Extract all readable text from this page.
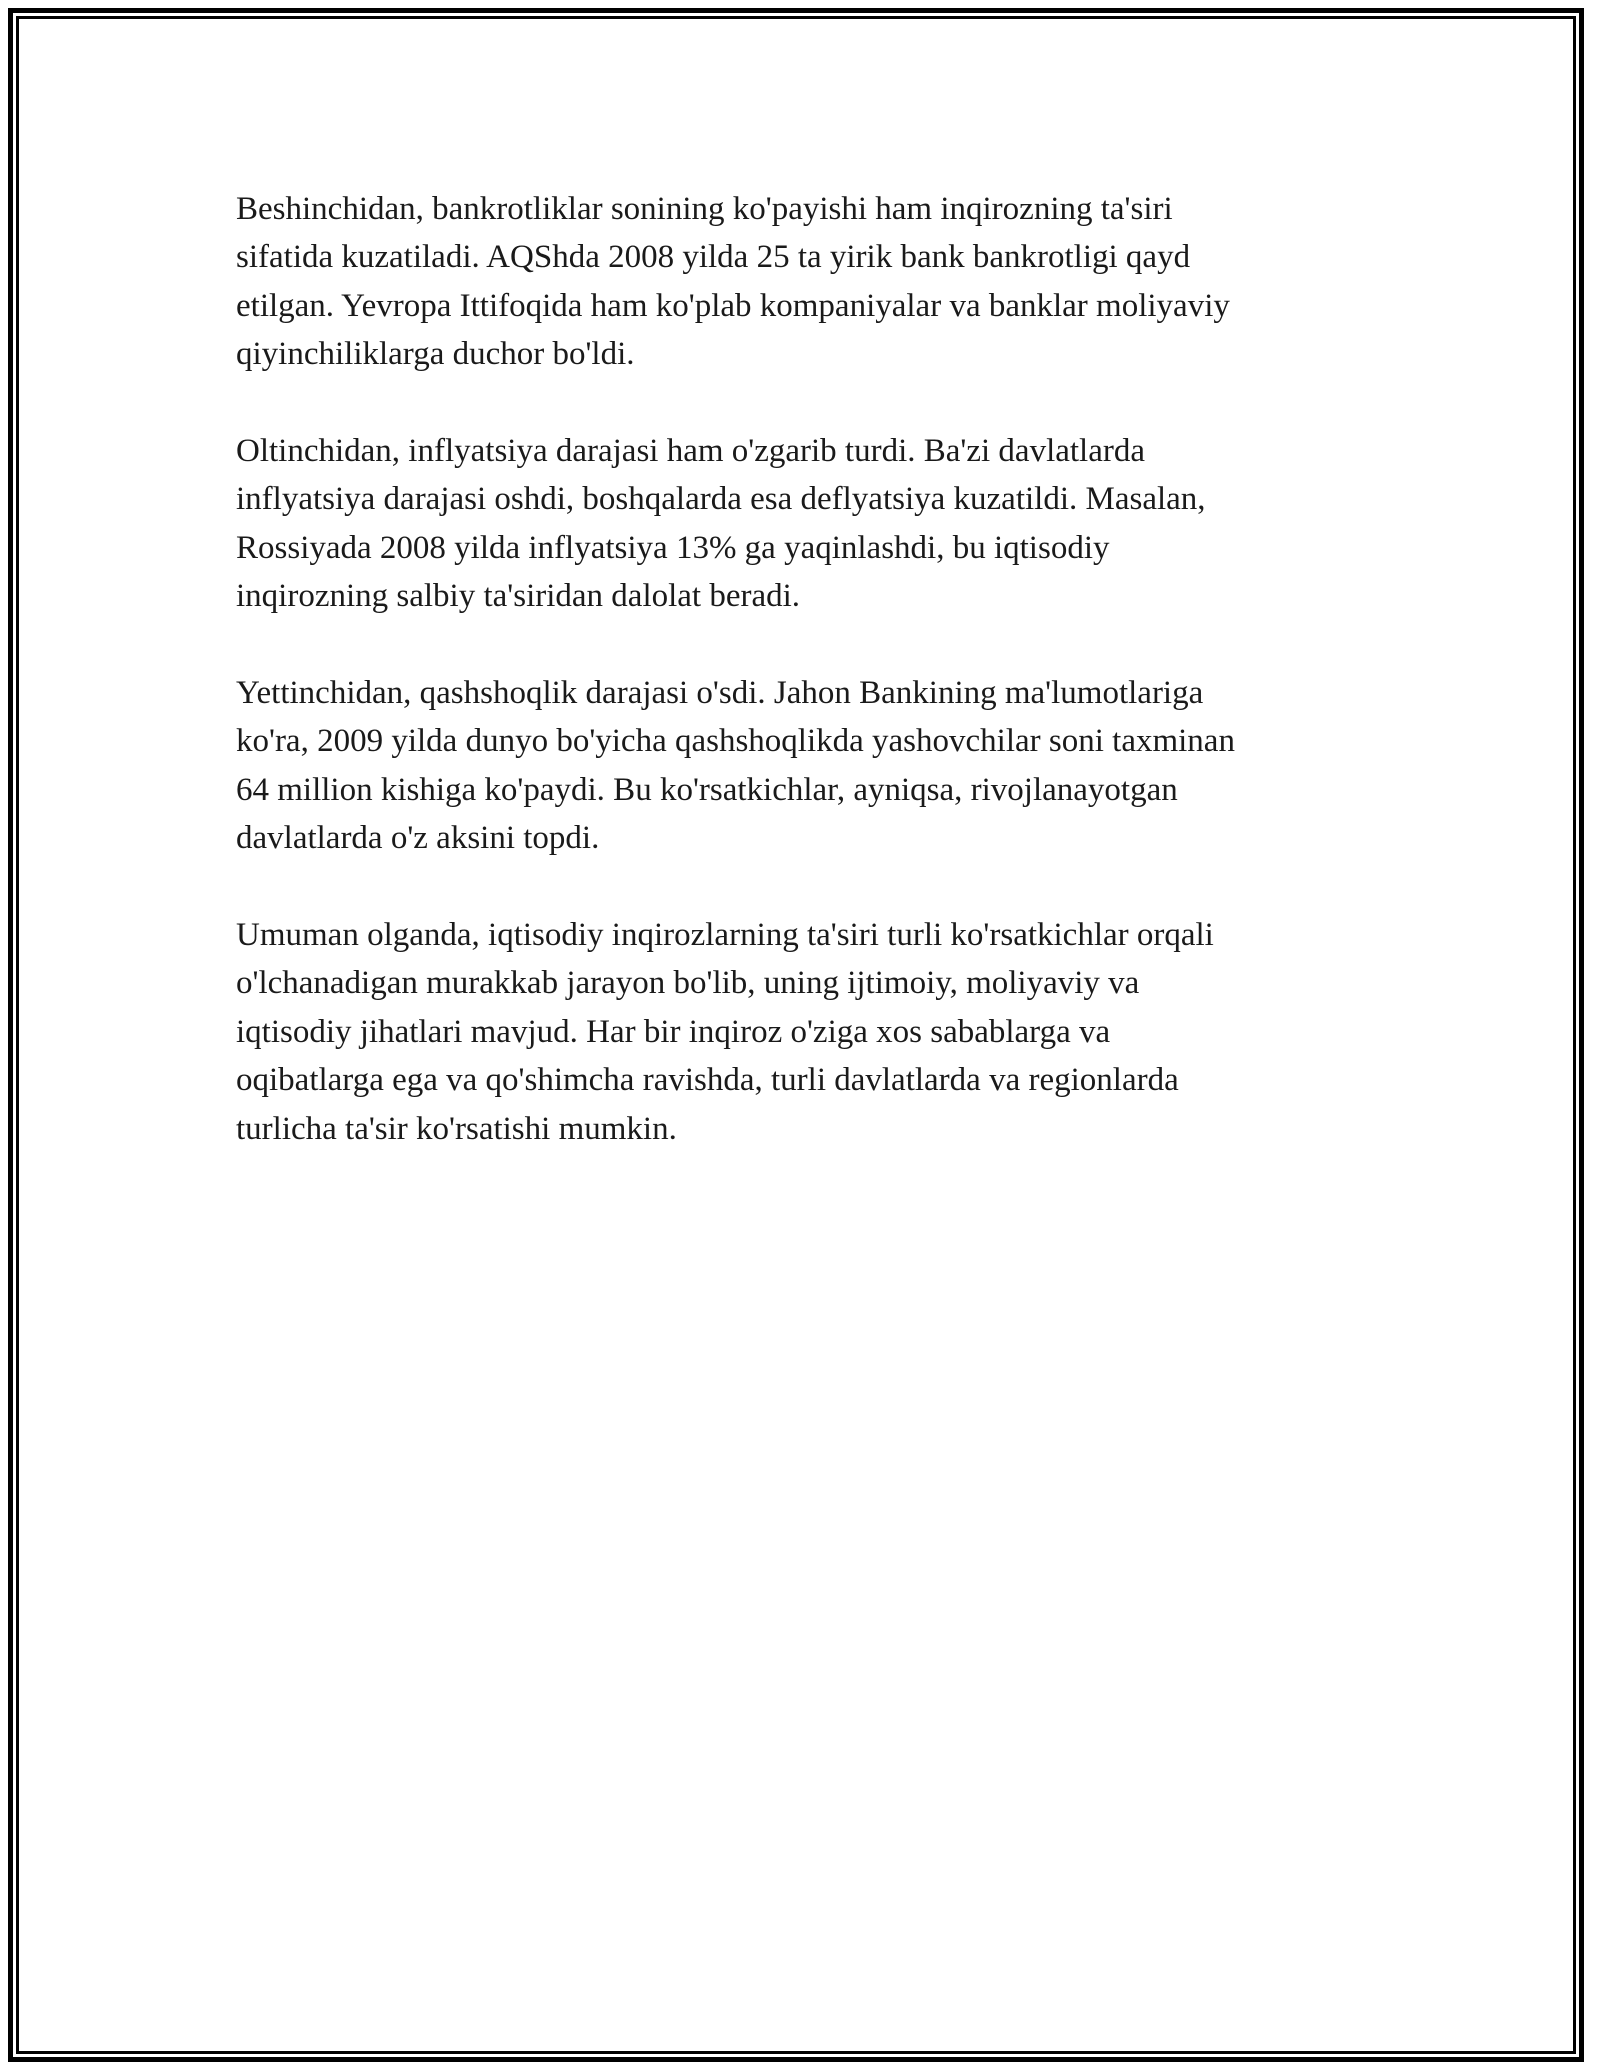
Beshinchidan, bankrotliklar sonining ko'payishi ham inqirozning ta'siri
sifatida kuzatiladi. AQShda 2008 yilda 25 ta yirik bank bankrotligi qayd
etilgan. Yevropa Ittifoqida ham ko'plab kompaniyalar va banklar moliyaviy
qiyinchiliklarga duchor bo'ldi.

Oltinchidan, inflyatsiya darajasi ham o'zgarib turdi. Ba'zi davlatlarda
inflyatsiya darajasi oshdi, boshqalarda esa deflyatsiya kuzatildi. Masalan,
Rossiyada 2008 yilda inflyatsiya 13% ga yaqinlashdi, bu iqtisodiy
inqirozning salbiy ta'siridan dalolat beradi.

Yettinchidan, qashshoqlik darajasi o'sdi. Jahon Bankining ma'lumotlariga
ko'ra, 2009 yilda dunyo bo'yicha qashshoqlikda yashovchilar soni taxminan
64 million kishiga ko'paydi. Bu ko'rsatkichlar, ayniqsa, rivojlanayotgan
davlatlarda o'z aksini topdi.

Umuman olganda, iqtisodiy inqirozlarning ta'siri turli ko'rsatkichlar orqali
o'lchanadigan murakkab jarayon bo'lib, uning ijtimoiy, moliyaviy va
iqtisodiy jihatlari mavjud. Har bir inqiroz o'ziga xos sabablarga va
oqibatlarga ega va qo'shimcha ravishda, turli davlatlarda va regionlarda
turlicha ta'sir ko'rsatishi mumkin.
